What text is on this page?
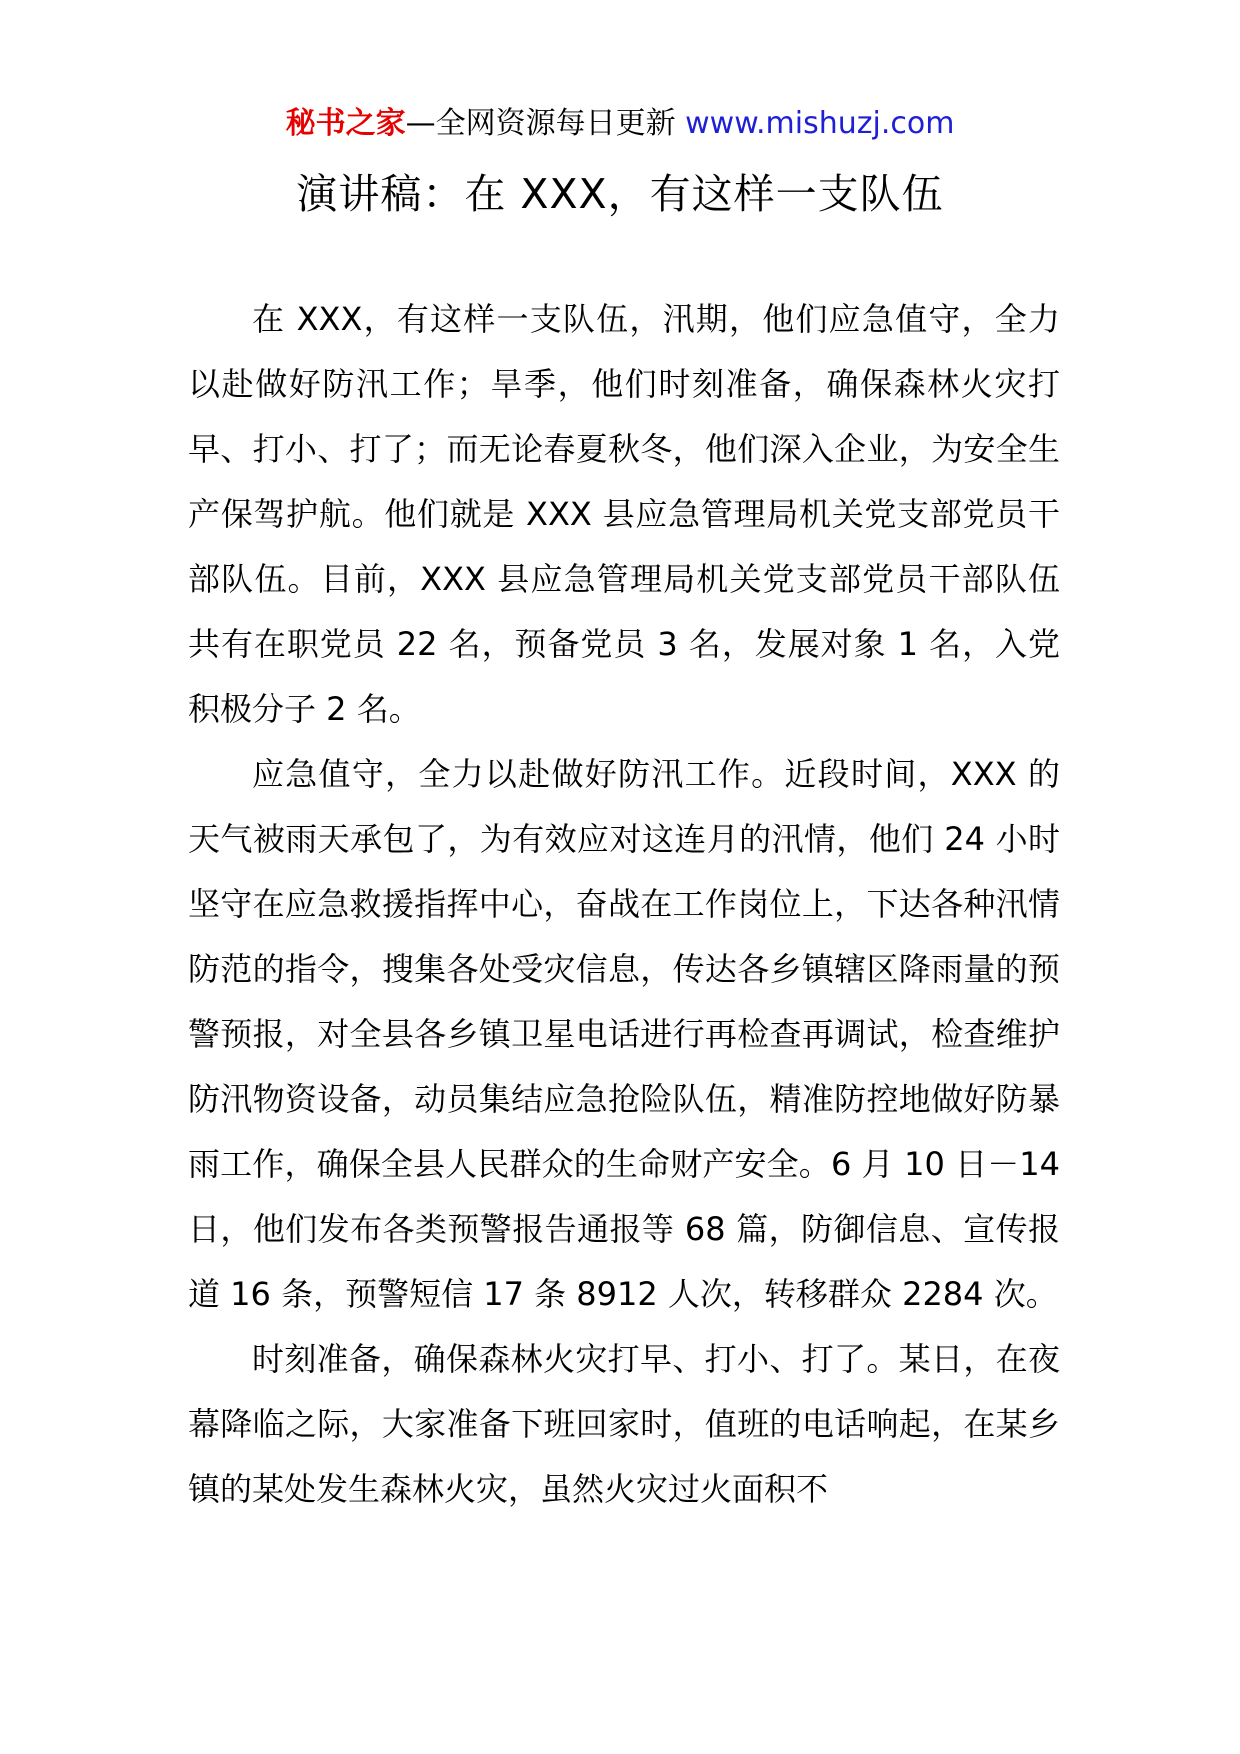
秘书之家—全网资源每日更新 www.mishuzj.com
演讲稿：在 XXX，有这样一支队伍

在 XXX，有这样一支队伍，汛期，他们应急值守，全力以赴做好防汛工作；旱季，他们时刻准备，确保森林火灾打早、打小、打了；而无论春夏秋冬，他们深入企业，为安全生产保驾护航。他们就是 XXX 县应急管理局机关党支部党员干部队伍。目前，XXX 县应急管理局机关党支部党员干部队伍共有在职党员 22 名，预备党员 3 名，发展对象 1 名，入党积极分子 2 名。

应急值守，全力以赴做好防汛工作。近段时间，XXX 的天气被雨天承包了，为有效应对这连月的汛情，他们 24 小时坚守在应急救援指挥中心，奋战在工作岗位上，下达各种汛情防范的指令，搜集各处受灾信息，传达各乡镇辖区降雨量的预警预报，对全县各乡镇卫星电话进行再检查再调试，检查维护防汛物资设备，动员集结应急抢险队伍，精准防控地做好防暴雨工作，确保全县人民群众的生命财产安全。6 月 10 日－14 日，他们发布各类预警报告通报等 68 篇，防御信息、宣传报道 16 条，预警短信 17 条 8912 人次，转移群众 2284 次。

时刻准备，确保森林火灾打早、打小、打了。某日，在夜幕降临之际，大家准备下班回家时，值班的电话响起，在某乡镇的某处发生森林火灾，虽然火灾过火面积不
